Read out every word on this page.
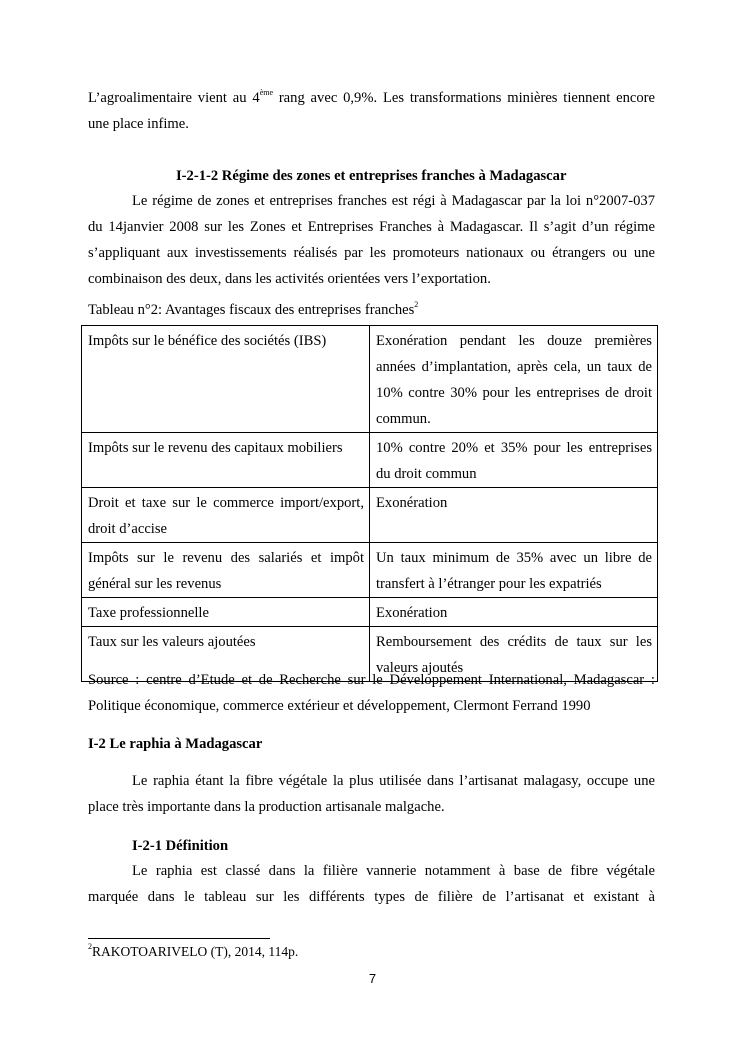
L’agroalimentaire vient au 4ème rang avec 0,9%. Les transformations minières tiennent encore
une place infime.
I-2-1-2 Régime des zones et entreprises franches à Madagascar
Le régime de zones et entreprises franches est régi à Madagascar par la loi n°2007-037
du 14janvier 2008 sur les Zones et Entreprises Franches à Madagascar. Il s’agit d’un régime
s’appliquant aux investissements réalisés par les promoteurs nationaux ou étrangers ou une
combinaison des deux, dans les activités orientées vers l’exportation.
Tableau n°2: Avantages fiscaux des entreprises franches$^2$
Impôts sur le bénéfice des sociétés (IBS)	Exonération pendant les douze premières années d’implantation, après cela, un taux de 10% contre 30% pour les entreprises de droit commun.

Impôts sur le revenu des capitaux mobiliers	10% contre 20% et 35% pour les entreprises du droit commun

Droit et taxe sur le commerce import/export, droit d’accise	Exonération

Impôts sur le revenu des salariés et impôt général sur les revenus	Un taux minimum de 35% avec un libre de transfert à l’étranger pour les expatriés

Taxe professionnelle	Exonération
Taux sur les valeurs ajoutées	Remboursement des crédits de taux sur les valeurs ajoutés
Source : centre d’Etude et de Recherche sur le Développement International, Madagascar :
Politique économique, commerce extérieur et développement, Clermont Ferrand 1990
I-2 Le raphia à Madagascar
Le raphia étant la fibre végétale la plus utilisée dans l’artisanat malagasy, occupe une
place très importante dans la production artisanale malgache.
I-2-1 Définition
Le raphia est classé dans la filière vannerie notamment à base de fibre végétale
marquée dans le tableau sur les différents types de filière de l’artisanat et existant à
$^2$RAKOTOARIVELO (T), 2014, 114p.
7
